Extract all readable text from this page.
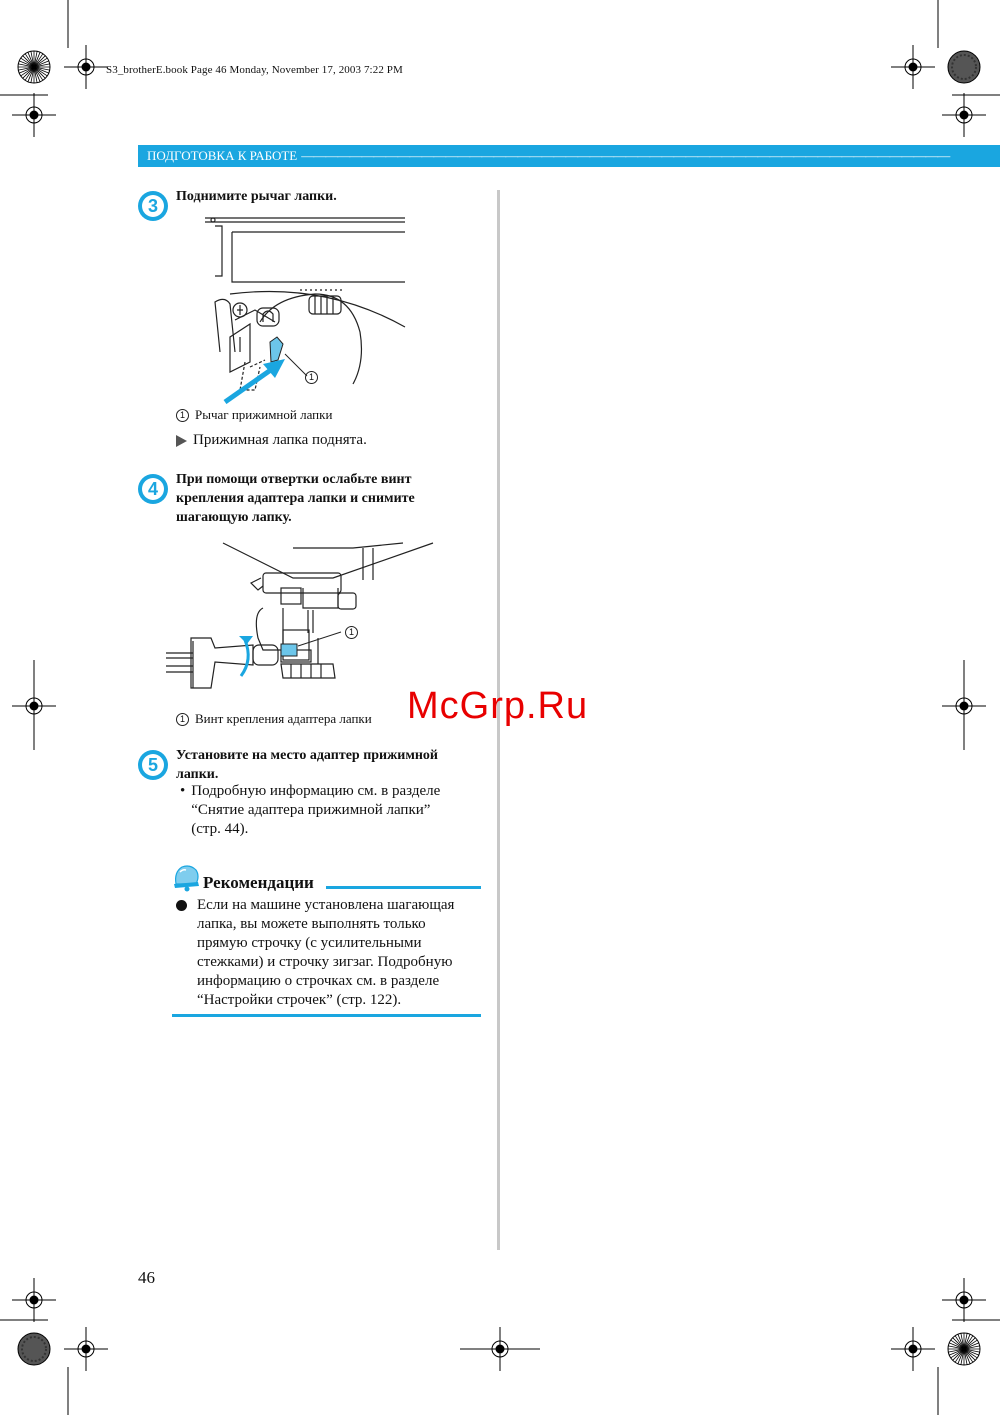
S3_brotherE.book Page 46 Monday, November 17, 2003 7:22 PM
ПОДГОТОВКА К РАБОТЕ ——————————————————————————————————————————————————————
3	Поднимите рычаг лапки.
1
1 Рычаг прижимной лапки
Прижимная лапка поднята.
4	При помощи отвертки ослабьте винт
крепления адаптера лапки и снимите
шагающую лапку.
1
1 Винт крепления адаптера лапки
5	Установите на место адаптер прижимной
лапки.
• Подробную информацию см. в разделе
“Снятие адаптера прижимной лапки”
(стр. 44).
Рекомендации
Если на машине установлена шагающая
лапка, вы можете выполнять только
прямую строчку (с усилительными
стежками) и строчку зигзаг. Подробную
информацию о строчках см. в разделе
“Настройки строчек” (стр. 122).
McGrp.Ru
46
